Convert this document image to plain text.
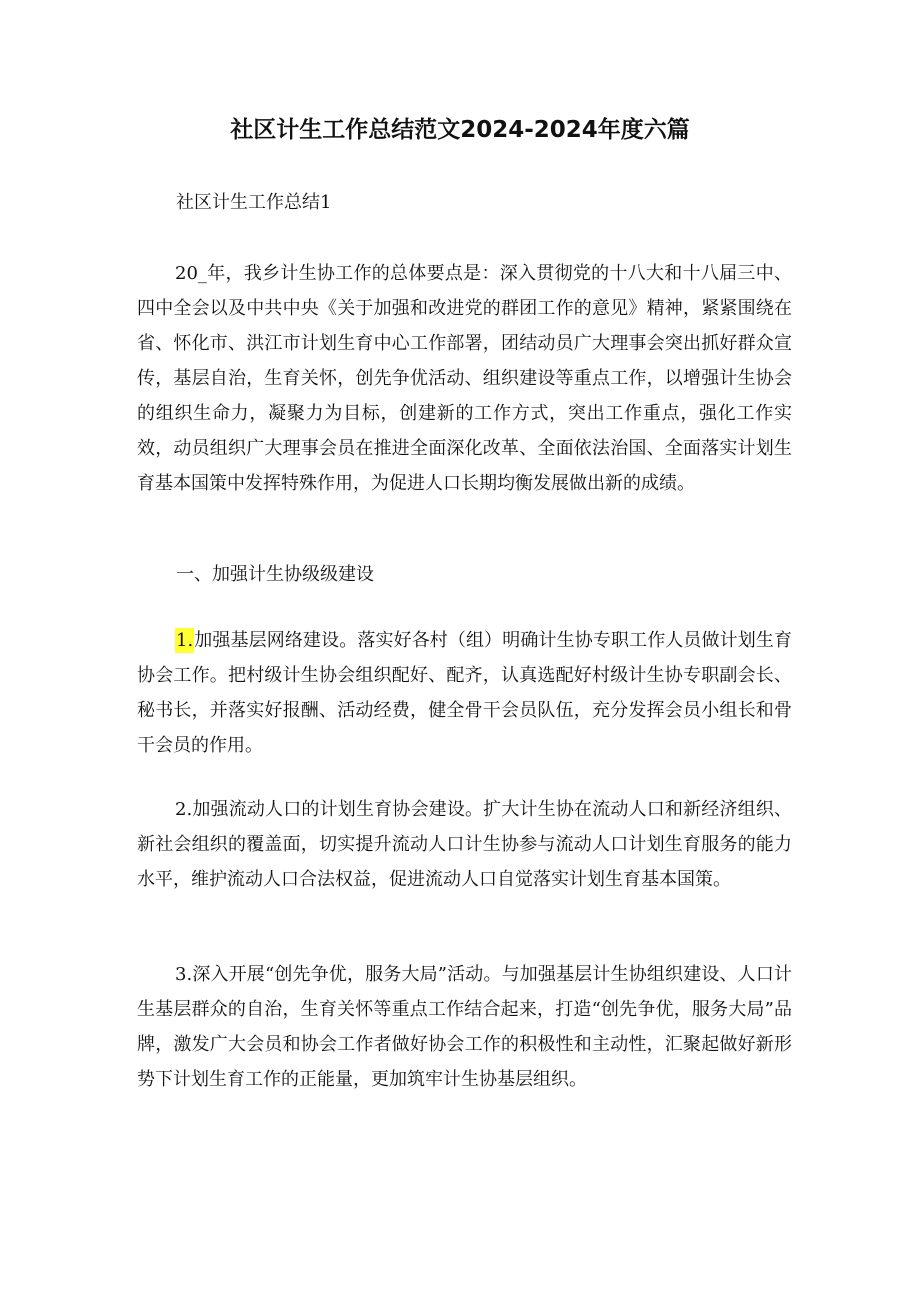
社区计生工作总结范文2024-2024年度六篇

社区计生工作总结1

20_年，我乡计生协工作的总体要点是：深入贯彻党的十八大和十八届三中、四中全会以及中共中央《关于加强和改进党的群团工作的意见》精神，紧紧围绕在省、怀化市、洪江市计划生育中心工作部署，团结动员广大理事会突出抓好群众宣传，基层自治，生育关怀，创先争优活动、组织建设等重点工作，以增强计生协会的组织生命力，凝聚力为目标，创建新的工作方式，突出工作重点，强化工作实效，动员组织广大理事会员在推进全面深化改革、全面依法治国、全面落实计划生育基本国策中发挥特殊作用，为促进人口长期均衡发展做出新的成绩。

一、加强计生协级级建设

1.加强基层网络建设。落实好各村（组）明确计生协专职工作人员做计划生育协会工作。把村级计生协会组织配好、配齐，认真选配好村级计生协专职副会长、秘书长，并落实好报酬、活动经费，健全骨干会员队伍，充分发挥会员小组长和骨干会员的作用。

2.加强流动人口的计划生育协会建设。扩大计生协在流动人口和新经济组织、新社会组织的覆盖面，切实提升流动人口计生协参与流动人口计划生育服务的能力水平，维护流动人口合法权益，促进流动人口自觉落实计划生育基本国策。

3.深入开展“创先争优，服务大局”活动。与加强基层计生协组织建设、人口计生基层群众的自治，生育关怀等重点工作结合起来，打造“创先争优，服务大局”品牌，激发广大会员和协会工作者做好协会工作的积极性和主动性，汇聚起做好新形势下计划生育工作的正能量，更加筑牢计生协基层组织。
